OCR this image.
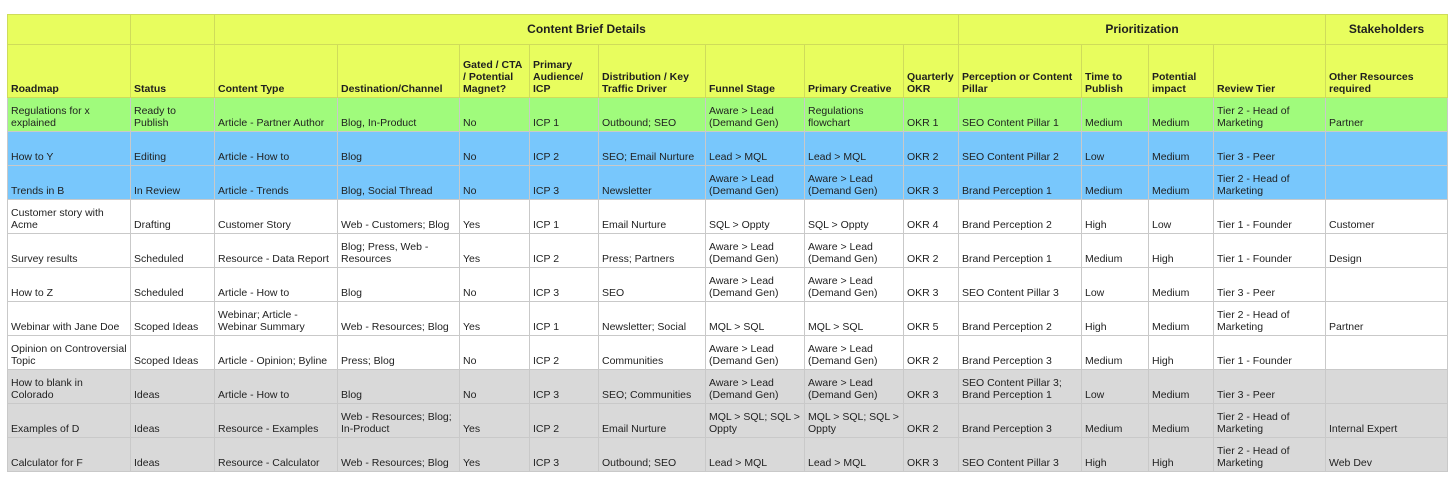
		Content Brief Details								Prioritization				Stakeholders
Roadmap	Status	Content Type	Destination/Channel	Gated / CTA / Potential Magnet?	Primary Audience/ ICP	Distribution / Key Traffic Driver	Funnel Stage	Primary Creative	Quarterly OKR	Perception or Content Pillar	Time to Publish	Potential impact	Review Tier	Other Resources required
Regulations for x explained	Ready to Publish	Article - Partner Author	Blog, In-Product	No	ICP 1	Outbound; SEO	Aware > Lead (Demand Gen)	Regulations flowchart	OKR 1	SEO Content Pillar 1	Medium	Medium	Tier 2 - Head of Marketing	Partner
How to Y	Editing	Article - How to	Blog	No	ICP 2	SEO; Email Nurture	Lead > MQL	Lead > MQL	OKR 2	SEO Content Pillar 2	Low	Medium	Tier 3 - Peer	
Trends in B	In Review	Article - Trends	Blog, Social Thread	No	ICP 3	Newsletter	Aware > Lead (Demand Gen)	Aware > Lead (Demand Gen)	OKR 3	Brand Perception 1	Medium	Medium	Tier 2 - Head of Marketing	
Customer story with Acme	Drafting	Customer Story	Web - Customers; Blog	Yes	ICP 1	Email Nurture	SQL > Oppty	SQL > Oppty	OKR 4	Brand Perception 2	High	Low	Tier 1 - Founder	Customer
Survey results	Scheduled	Resource - Data Report	Blog; Press, Web - Resources	Yes	ICP 2	Press; Partners	Aware > Lead (Demand Gen)	Aware > Lead (Demand Gen)	OKR 2	Brand Perception 1	Medium	High	Tier 1 - Founder	Design
How to Z	Scheduled	Article - How to	Blog	No	ICP 3	SEO	Aware > Lead (Demand Gen)	Aware > Lead (Demand Gen)	OKR 3	SEO Content Pillar 3	Low	Medium	Tier 3 - Peer	
Webinar with Jane Doe	Scoped Ideas	Webinar; Article - Webinar Summary	Web - Resources; Blog	Yes	ICP 1	Newsletter; Social	MQL > SQL	MQL > SQL	OKR 5	Brand Perception 2	High	Medium	Tier 2 - Head of Marketing	Partner
Opinion on Controversial Topic	Scoped Ideas	Article - Opinion; Byline	Press; Blog	No	ICP 2	Communities	Aware > Lead (Demand Gen)	Aware > Lead (Demand Gen)	OKR 2	Brand Perception 3	Medium	High	Tier 1 - Founder	
How to blank in Colorado	Ideas	Article - How to	Blog	No	ICP 3	SEO; Communities	Aware > Lead (Demand Gen)	Aware > Lead (Demand Gen)	OKR 3	SEO Content Pillar 3; Brand Perception 1	Low	Medium	Tier 3 - Peer	
Examples of D	Ideas	Resource - Examples	Web - Resources; Blog; In-Product	Yes	ICP 2	Email Nurture	MQL > SQL; SQL > Oppty	MQL > SQL; SQL > Oppty	OKR 2	Brand Perception 3	Medium	Medium	Tier 2 - Head of Marketing	Internal Expert
Calculator for F	Ideas	Resource - Calculator	Web - Resources; Blog	Yes	ICP 3	Outbound; SEO	Lead > MQL	Lead > MQL	OKR 3	SEO Content Pillar 3	High	High	Tier 2 - Head of Marketing	Web Dev
